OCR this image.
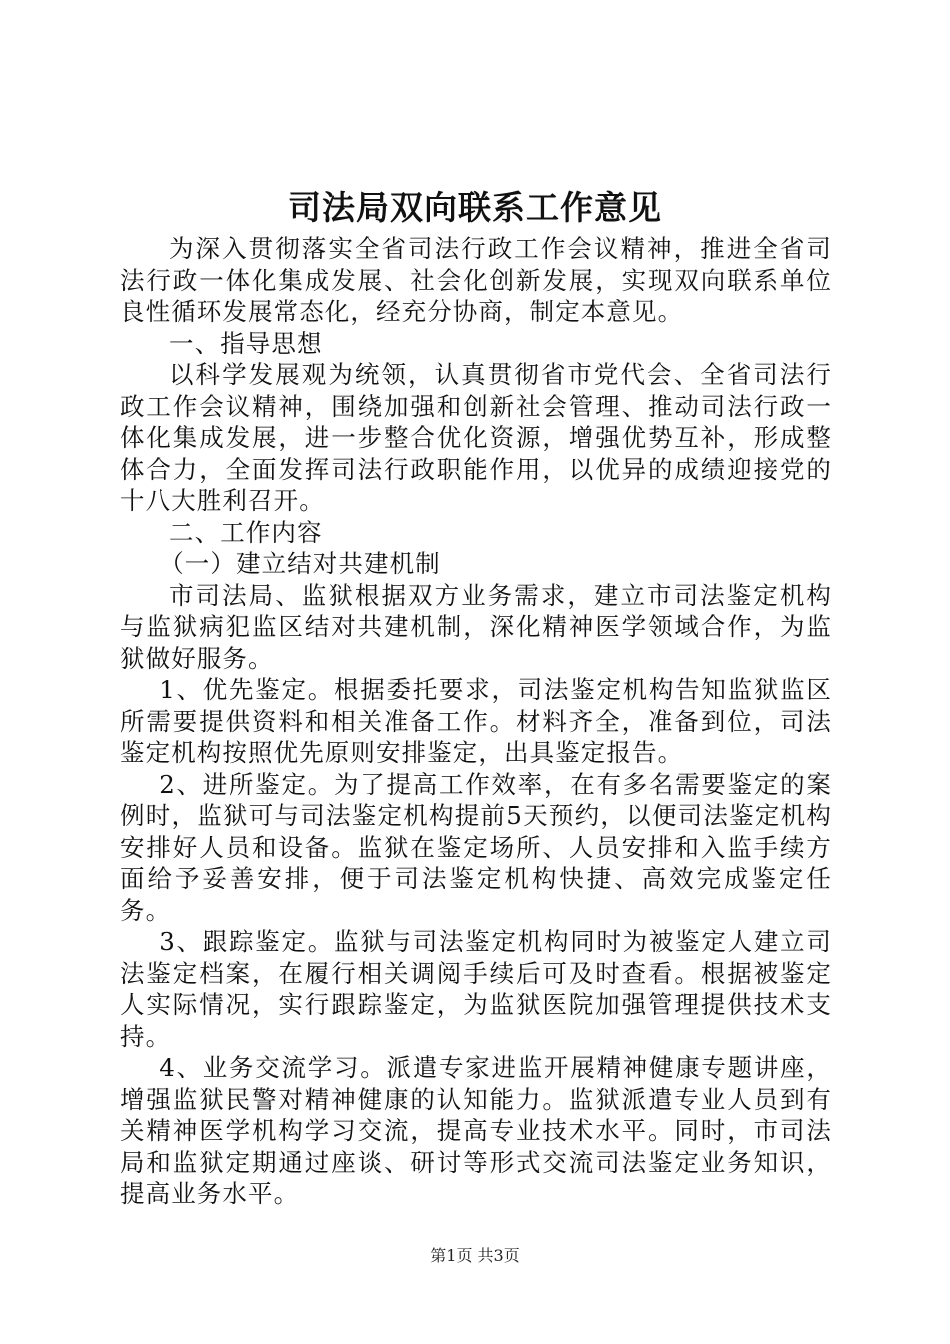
司法局双向联系工作意见

为深入贯彻落实全省司法行政工作会议精神，推进全省司法行政一体化集成发展、社会化创新发展，实现双向联系单位良性循环发展常态化，经充分协商，制定本意见。

一、指导思想

以科学发展观为统领，认真贯彻省市党代会、全省司法行政工作会议精神，围绕加强和创新社会管理、推动司法行政一体化集成发展，进一步整合优化资源，增强优势互补，形成整体合力，全面发挥司法行政职能作用，以优异的成绩迎接党的十八大胜利召开。

二、工作内容

（一）建立结对共建机制

市司法局、监狱根据双方业务需求，建立市司法鉴定机构与监狱病犯监区结对共建机制，深化精神医学领域合作，为监狱做好服务。

1、优先鉴定。根据委托要求，司法鉴定机构告知监狱监区所需要提供资料和相关准备工作。材料齐全，准备到位，司法鉴定机构按照优先原则安排鉴定，出具鉴定报告。

2、进所鉴定。为了提高工作效率，在有多名需要鉴定的案例时，监狱可与司法鉴定机构提前5天预约，以便司法鉴定机构安排好人员和设备。监狱在鉴定场所、人员安排和入监手续方面给予妥善安排，便于司法鉴定机构快捷、高效完成鉴定任务。

3、跟踪鉴定。监狱与司法鉴定机构同时为被鉴定人建立司法鉴定档案，在履行相关调阅手续后可及时查看。根据被鉴定人实际情况，实行跟踪鉴定，为监狱医院加强管理提供技术支持。

4、业务交流学习。派遣专家进监开展精神健康专题讲座，增强监狱民警对精神健康的认知能力。监狱派遣专业人员到有关精神医学机构学习交流，提高专业技术水平。同时，市司法局和监狱定期通过座谈、研讨等形式交流司法鉴定业务知识，提高业务水平。

第1页 共3页
